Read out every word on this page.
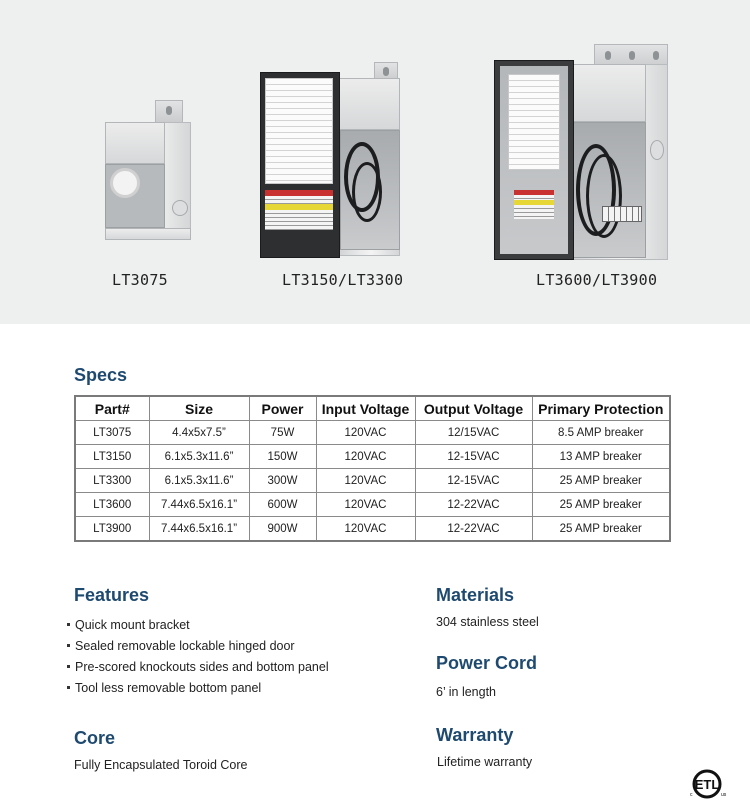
LT3075	LT3150/LT3300	LT3600/LT3900
Specs
Part#	Size	Power	Input Voltage	Output Voltage	Primary Protection
LT3075	4.4x5x7.5”	75W	120VAC	12/15VAC	8.5 AMP breaker
LT3150	6.1x5.3x11.6”	150W	120VAC	12-15VAC	13 AMP breaker
LT3300	6.1x5.3x11.6”	300W	120VAC	12-15VAC	25 AMP breaker
LT3600	7.44x6.5x16.1”	600W	120VAC	12-22VAC	25 AMP breaker
LT3900	7.44x6.5x16.1”	900W	120VAC	12-22VAC	25 AMP breaker
Features
Quick mount bracket
Sealed removable lockable hinged door
Pre-scored knockouts sides and bottom panel
Tool less removable bottom panel
Core
Fully Encapsulated Toroid Core
Materials
304 stainless steel
Power Cord
6’ in length
Warranty
Lifetime warranty
ETL
c	us
